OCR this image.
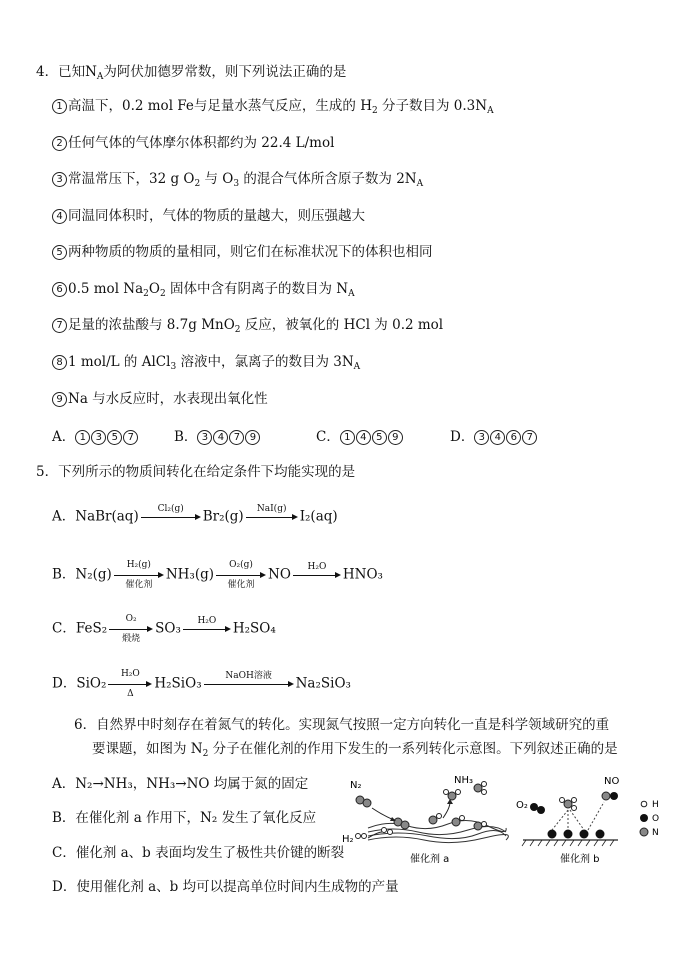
4．已知$N_A$为阿伏加德罗常数，则下列说法正确的是
1 高温下，0.2 mol Fe与足量水蒸气反应，生成的 $H_2$ 分子数目为 $0.3N_A$
2 任何气体的气体摩尔体积都约为 22.4 L/mol
3 常温常压下，32 g $O_2$ 与 $O_3$ 的混合气体所含原子数为 $2N_A$
4 同温同体积时，气体的物质的量越大，则压强越大
5 两种物质的物质的量相同，则它们在标准状况下的体积也相同
6 0.5 mol $Na_2O_2$ 固体中含有阴离子的数目为 $N_A$
7 足量的浓盐酸与 8.7g MnO$_2$ 反应，被氧化的 HCl 为 0.2 mol
8 1 mol/L 的 AlCl$_3$ 溶液中，氯离子的数目为 $3N_A$
9 Na 与水反应时，水表现出氧化性
A． 1 3 5 7	B． 3 4 7 9	C． 1 4 5 9	D． 3 4 6 7
5．下列所示的物质间转化在给定条件下均能实现的是
A．NaBr(aq)	Cl₂(g)	Br₂(g)	NaI(g) I₂(aq)
B．N₂(g)
H₂(g)
催化剂
NH₃(g)
O₂(g)
催化剂
NO	H₂O	HNO₃
C．FeS₂
O₂
煅烧
SO₃	H₂O	H₂SO₄
D．$SiO_2 \frac{\text{H₂O}}{\Delta} H_2SiO_3$	NaOH溶液	Na₂SiO₃
6．自然界中时刻存在着氮气的转化。实现氮气按照一定方向转化一直是科学领域研究的重
要课题，如图为 $N_2$ 分子在催化剂的作用下发生的一系列转化示意图。下列叙述正确的是
A．N₂→NH₃，NH₃→NO 均属于氮的固定
B．在催化剂 a 作用下，N₂ 发生了氧化反应
C．催化剂 a、b 表面均发生了极性共价键的断裂
D．使用催化剂 a、b 均可以提高单位时间内生成物的产量
N₂	NH₃
H₂
催化剂 a
O₂
NO
催化剂 b
H
O
N
